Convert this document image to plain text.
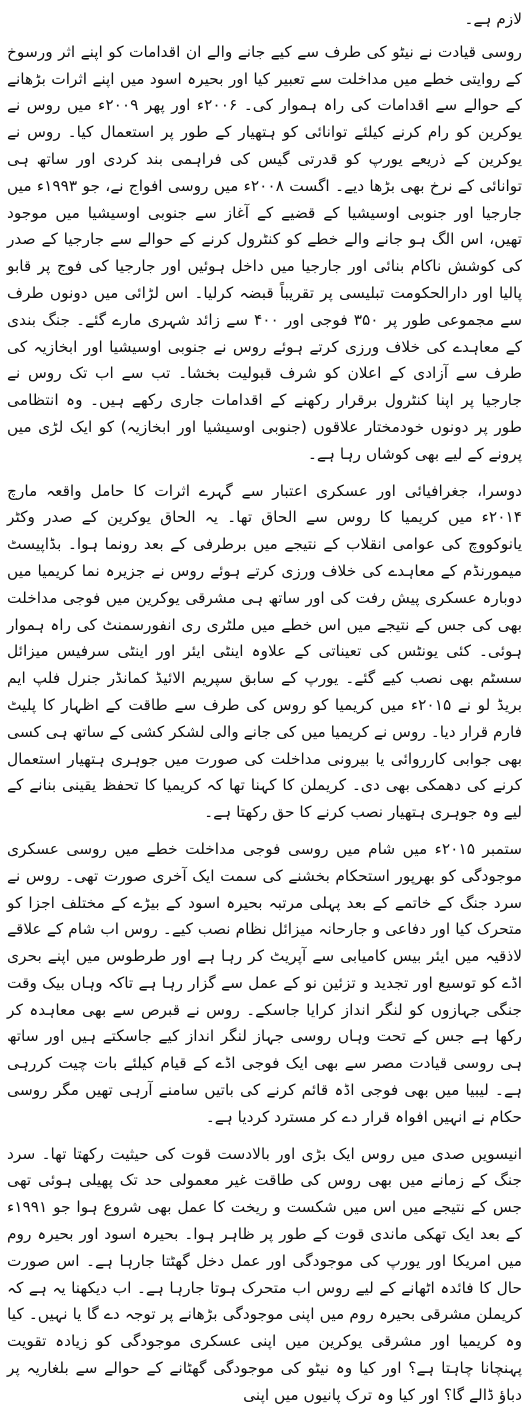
لازم ہے۔

روسی قیادت نے نیٹو کی طرف سے کیے جانے والے ان اقدامات کو اپنے اثر ورسوخ کے روایتی خطے میں مداخلت سے تعبیر کیا اور بحیرہ اسود میں اپنے اثرات بڑھانے کے حوالے سے اقدامات کی راہ ہموار کی۔ ۲۰۰۶ء اور پھر ۲۰۰۹ء میں روس نے یوکرین کو رام کرنے کیلئے توانائی کو ہتھیار کے طور پر استعمال کیا۔ روس نے یوکرین کے ذریعے یورپ کو قدرتی گیس کی فراہمی بند کردی اور ساتھ ہی توانائی کے نرخ بھی بڑھا دیے۔ اگست ۲۰۰۸ء میں روسی افواج نے، جو ۱۹۹۳ء میں جارجیا اور جنوبی اوسیشیا کے قضیے کے آغاز سے جنوبی اوسیشیا میں موجود تھیں، اس الگ ہو جانے والے خطے کو کنٹرول کرنے کے حوالے سے جارجیا کے صدر کی کوشش ناکام بنائی اور جارجیا میں داخل ہوئیں اور جارجیا کی فوج پر قابو پالیا اور دارالحکومت تبلیسی پر تقریباً قبضہ کرلیا۔ اس لڑائی میں دونوں طرف سے مجموعی طور پر ۳۵۰ فوجی اور ۴۰۰ سے زائد شہری مارے گئے۔ جنگ بندی کے معاہدے کی خلاف ورزی کرتے ہوئے روس نے جنوبی اوسیشیا اور ابخازیہ کی طرف سے آزادی کے اعلان کو شرف قبولیت بخشا۔ تب سے اب تک روس نے جارجیا پر اپنا کنٹرول برقرار رکھنے کے اقدامات جاری رکھے ہیں۔ وہ انتظامی طور پر دونوں خودمختار علاقوں (جنوبی اوسیشیا اور ابخازیہ) کو ایک لڑی میں پرونے کے لیے بھی کوشاں رہا ہے۔

دوسرا، جغرافیائی اور عسکری اعتبار سے گہرے اثرات کا حامل واقعہ مارچ ۲۰۱۴ء میں کریمیا کا روس سے الحاق تھا۔ یہ الحاق یوکرین کے صدر وکٹر یانوکووچ کی عوامی انقلاب کے نتیجے میں برطرفی کے بعد رونما ہوا۔ بڈاپیسٹ میمورنڈم کے معاہدے کی خلاف ورزی کرتے ہوئے روس نے جزیرہ نما کریمیا میں دوبارہ عسکری پیش رفت کی اور ساتھ ہی مشرقی یوکرین میں فوجی مداخلت بھی کی جس کے نتیجے میں اس خطے میں ملٹری ری انفورسمنٹ کی راہ ہموار ہوئی۔ کئی یونٹس کی تعیناتی کے علاوہ اینٹی ایئر اور اینٹی سرفیس میزائل سسٹم بھی نصب کیے گئے۔ یورپ کے سابق سپریم الائیڈ کمانڈر جنرل فلپ ایم بریڈ لو نے ۲۰۱۵ء میں کریمیا کو روس کی طرف سے طاقت کے اظہار کا پلیٹ فارم قرار دیا۔ روس نے کریمیا میں کی جانے والی لشکر کشی کے ساتھ ہی کسی بھی جوابی کارروائی یا بیرونی مداخلت کی صورت میں جوہری ہتھیار استعمال کرنے کی دھمکی بھی دی۔ کریملن کا کہنا تھا کہ کریمیا کا تحفظ یقینی بنانے کے لیے وہ جوہری ہتھیار نصب کرنے کا حق رکھتا ہے۔

ستمبر ۲۰۱۵ء میں شام میں روسی فوجی مداخلت خطے میں روسی عسکری موجودگی کو بھرپور استحکام بخشنے کی سمت ایک آخری صورت تھی۔ روس نے سرد جنگ کے خاتمے کے بعد پہلی مرتبہ بحیرہ اسود کے بیڑے کے مختلف اجزا کو متحرک کیا اور دفاعی و جارحانہ میزائل نظام نصب کیے۔ روس اب شام کے علاقے لاذقیہ میں ایئر بیس کامیابی سے آپریٹ کر رہا ہے اور طرطوس میں اپنے بحری اڈے کو توسیع اور تجدید و تزئین نو کے عمل سے گزار رہا ہے تاکہ وہاں بیک وقت جنگی جہازوں کو لنگر انداز کرایا جاسکے۔ روس نے قبرص سے بھی معاہدہ کر رکھا ہے جس کے تحت وہاں روسی جہاز لنگر انداز کیے جاسکتے ہیں اور ساتھ ہی روسی قیادت مصر سے بھی ایک فوجی اڈے کے قیام کیلئے بات چیت کررہی ہے۔ لیبیا میں بھی فوجی اڈہ قائم کرنے کی باتیں سامنے آرہی تھیں مگر روسی حکام نے انہیں افواہ قرار دے کر مسترد کردیا ہے۔

انیسویں صدی میں روس ایک بڑی اور بالادست قوت کی حیثیت رکھتا تھا۔ سرد جنگ کے زمانے میں بھی روس کی طاقت غیر معمولی حد تک پھیلی ہوئی تھی جس کے نتیجے میں اس میں شکست و ریخت کا عمل بھی شروع ہوا جو ۱۹۹۱ء کے بعد ایک تھکی ماندی قوت کے طور پر ظاہر ہوا۔ بحیرہ اسود اور بحیرہ روم میں امریکا اور یورپ کی موجودگی اور عمل دخل گھٹتا جارہا ہے۔ اس صورت حال کا فائدہ اٹھانے کے لیے روس اب متحرک ہوتا جارہا ہے۔ اب دیکھنا یہ ہے کہ کریملن مشرقی بحیرہ روم میں اپنی موجودگی بڑھانے پر توجہ دے گا یا نہیں۔ کیا وہ کریمیا اور مشرقی یوکرین میں اپنی عسکری موجودگی کو زیادہ تقویت پہنچانا چاہتا ہے؟ اور کیا وہ نیٹو کی موجودگی گھٹانے کے حوالے سے بلغاریہ پر دباؤ ڈالے گا؟ اور کیا وہ ترک پانیوں میں اپنی
